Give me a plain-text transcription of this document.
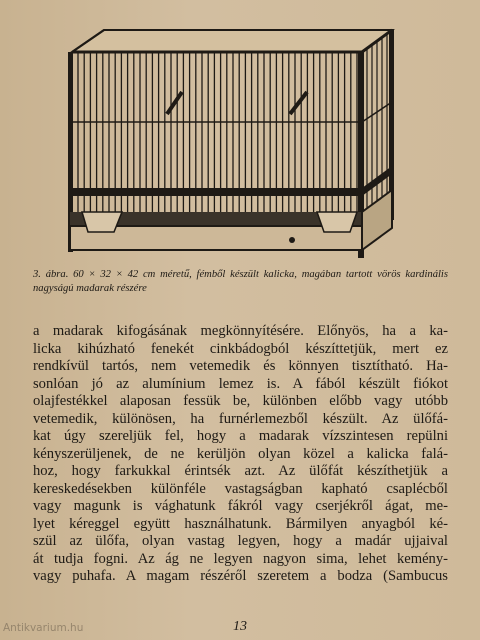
3. ábra. 60 × 32 × 42 cm méretű, fémből készült kalicka, magában tartott vörös kardinális nagyságú madarak részére
a madarak kifogásának megkönnyítésére. Előnyös, ha a ka-
licka kihúzható fenekét cinkbádogból készíttetjük, mert ez
rendkívül tartós, nem vetemedik és könnyen tisztítható. Ha-
sonlóan jó az alumínium lemez is. A fából készült fiókot
olajfestékkel alaposan fessük be, különben előbb vagy utóbb
vetemedik, különösen, ha furnérlemezből készült. Az ülőfá-
kat úgy szereljük fel, hogy a madarak vízszintesen repülni
kényszerüljenek, de ne kerüljön olyan közel a kalicka falá-
hoz, hogy farkukkal érintsék azt. Az ülőfát készíthetjük a
kereskedésekben különféle vastagságban kapható csaplécből
vagy magunk is vághatunk fákról vagy cserjékről ágat, me-
lyet kéreggel együtt használhatunk. Bármilyen anyagból ké-
szül az ülőfa, olyan vastag legyen, hogy a madár ujjaival
át tudja fogni. Az ág ne legyen nagyon sima, lehet kemény-
vagy puhafa. A magam részéről szeretem a bodza (Sambucus
13
Antikvarium.hu
